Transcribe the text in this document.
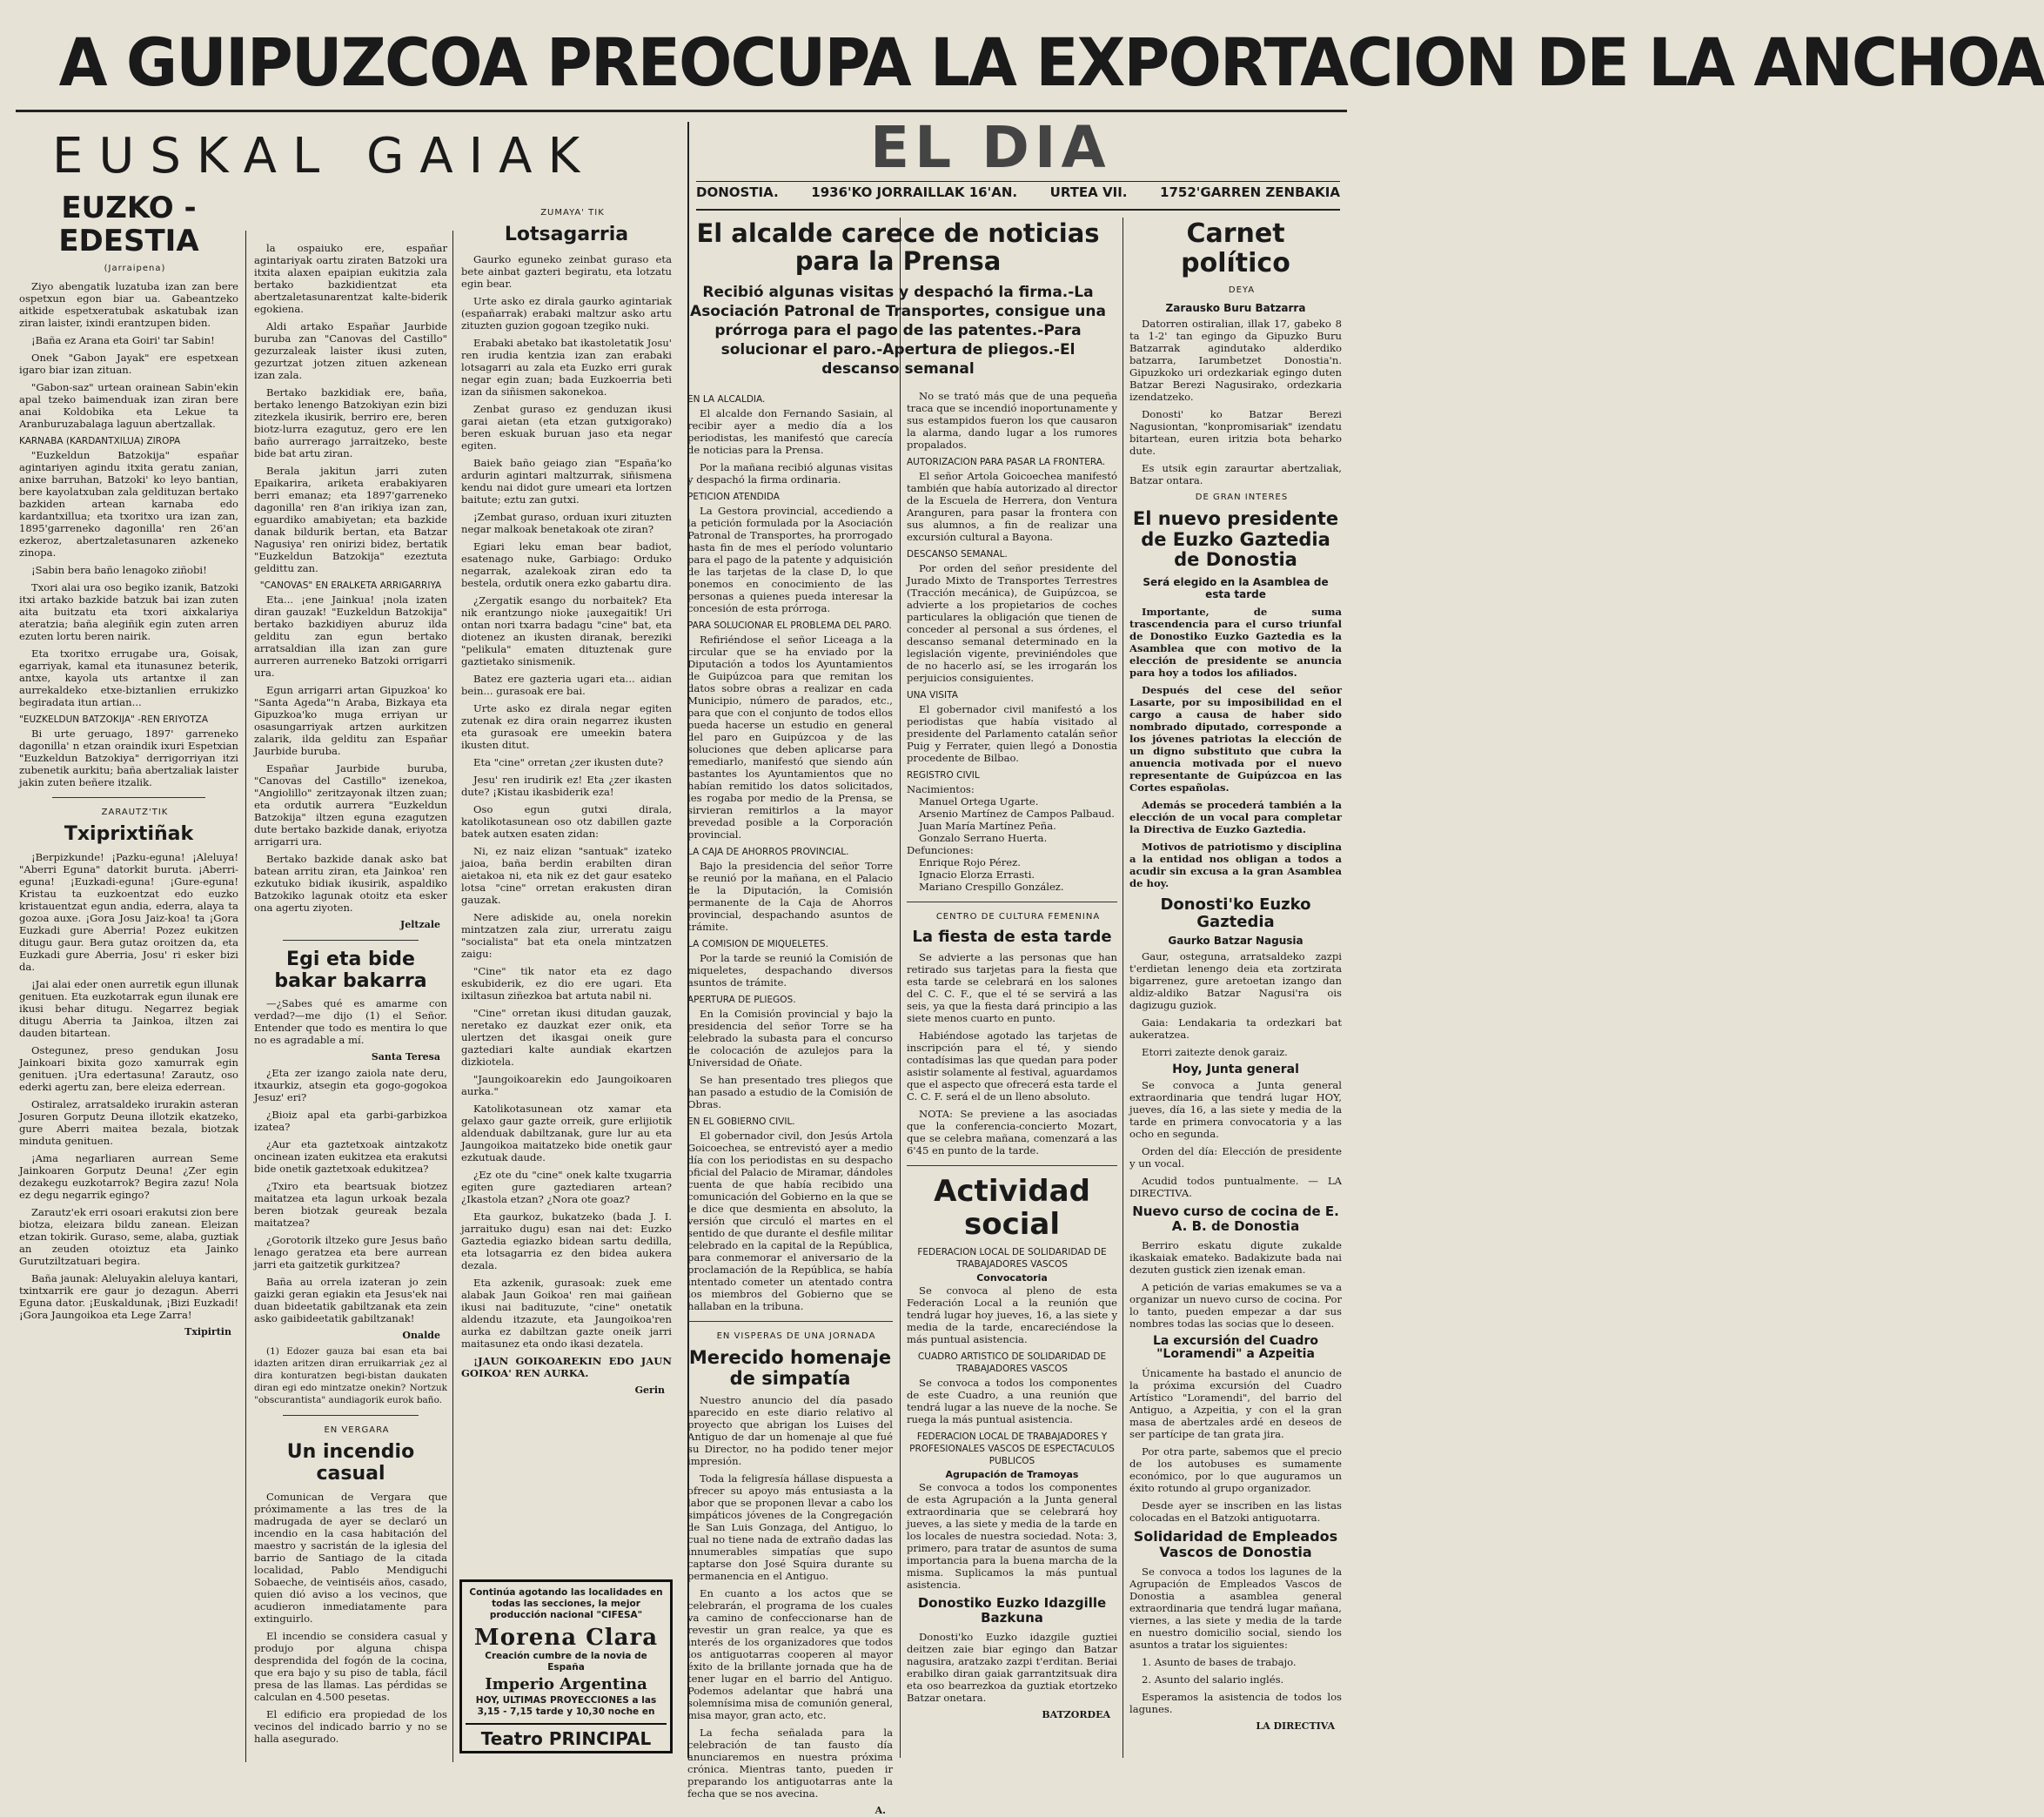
A GUIPUZCOA PREOCUPA LA EXPORTACION DE LA ANCHOA
EUSKAL GAIAK	EL DIA
DONOSTIA.	1936'KO JORRAILLAK 16'AN.	URTEA VII.	1752'GARREN ZENBAKIA
EUZKO - EDESTIA

(Jarraipena)

Ziyo abengatik luzatuba izan zan bere ospetxun egon biar ua. Gabeantzeko aitkide espetxeratubak askatubak izan ziran laister, ixindi erantzupen biden.

¡Baña ez Arana eta Goiri' tar Sabin!

Onek "Gabon Jayak" ere espetxean igaro biar izan zituan.

"Gabon-saz" urtean orainean Sabin'ekin apal tzeko baimenduak izan ziran bere anai Koldobika eta Lekue ta Aranburuzabalaga laguun abertzallak.

KARNABA (KARDANTXILUA) ZIROPA

"Euzkeldun Batzokija" españar agintariyen agindu itxita geratu zanian, anixe barruhan, Batzoki' ko leyo bantian, bere kayolatxuban zala geldituzan bertako bazkiden artean karnaba edo kardantxillua; eta txoritxo ura izan zan, 1895'garreneko dagonilla' ren 26'an ezkeroz, abertzaletasunaren azkeneko zinopa.

¡Sabin bera baño lenagoko ziñobi!

Txori alai ura oso begiko izanik, Batzoki itxi artako bazkide batzuk bai izan zuten aita buitzatu eta txori aixkalariya ateratzia; baña alegiñik egin zuten arren ezuten lortu beren nairik.

Eta txoritxo errugabe ura, Goisak, egarriyak, kamal eta itunasunez beterik, antxe, kayola uts artantxe il zan aurrekaldeko etxe-biztanlien errukizko begiradata itun artian...

"EUZKELDUN BATZOKIJA" -REN ERIYOTZA

Bi urte geruago, 1897' garreneko dagonilla' n etzan oraindik ixuri Espetxian "Euzkeldun Batzokiya" derrigorriyan itzi zubenetik aurkitu; baña abertzaliak laister jakin zuten beñere itzalik.

ZARAUTZ'TIK

Txiprixtiñak

¡Berpizkunde! ¡Pazku-eguna! ¡Aleluya! "Aberri Eguna" datorkit buruta. ¡Aberri-eguna! ¡Euzkadi-eguna! ¡Gure-eguna! Kristau ta euzkoentzat edo euzko kristauentzat egun andia, ederra, alaya ta gozoa auxe. ¡Gora Josu Jaiz-koa! ta ¡Gora Euzkadi gure Aberria! Pozez eukitzen ditugu gaur. Bera gutaz oroitzen da, eta Euzkadi gure Aberria, Josu' ri esker bizi da.

¡Jai alai eder onen aurretik egun illunak genituen. Eta euzkotarrak egun ilunak ere ikusi behar ditugu. Negarrez begiak ditugu Aberria ta Jainkoa, iltzen zai dauden bitartean.

Ostegunez, preso gendukan Josu Jainkoari bixita gozo xamurrak egin genituen. ¡Ura edertasuna! Zarautz, oso ederki agertu zan, bere eleiza ederrean.

Ostiralez, arratsaldeko irurakin asteran Josuren Gorputz Deuna illotzik ekatzeko, gure Aberri maitea bezala, biotzak minduta genituen.

¡Ama negarliaren aurrean Seme Jainkoaren Gorputz Deuna! ¿Zer egin dezakegu euzkotarrok? Begira zazu! Nola ez degu negarrik egingo?

Zarautz'ek erri osoari erakutsi zion bere biotza, eleizara bildu zanean. Eleizan etzan tokirik. Guraso, seme, alaba, guztiak an zeuden otoiztuz eta Jainko Gurutziltzatuari begira.

Baña jaunak: Aleluyakin aleluya kantari, txintxarrik ere gaur jo dezagun. Aberri Eguna dator. ¡Euskaldunak, ¡Bizi Euzkadi! ¡Gora Jaungoikoa eta Lege Zarra!

Txipirtin

la ospaiuko ere, españar agintariyak oartu ziraten Batzoki ura itxita alaxen epaipian eukitzia zala bertako bazkidientzat eta abertzaletasunarentzat kalte-biderik egokiena.

Aldi artako Españar Jaurbide buruba zan "Canovas del Castillo" gezurzaleak laister ikusi zuten, gezurtzat jotzen zituen azkenean izan zala.

Bertako bazkidiak ere, baña, bertako lenengo Batzokiyan ezin bizi zitezkela ikusirik, berriro ere, beren biotz-lurra ezagutuz, gero ere len baño aurrerago jarraitzeko, beste bide bat artu ziran.

Berala jakitun jarri zuten Epaikarira, ariketa erabakiyaren berri emanaz; eta 1897'garreneko dagonilla' ren 8'an irikiya izan zan, eguardiko amabiyetan; eta bazkide danak bildurik bertan, eta Batzar Nagusiya' ren onirizi bidez, bertatik "Euzkeldun Batzokija" ezeztuta geldittu zan.

"CANOVAS" EN ERALKETA ARRIGARRIYA

Eta... ¡ene Jainkua! ¡nola izaten diran gauzak! "Euzkeldun Batzokija" bertako bazkidiyen aburuz ilda gelditu zan egun bertako arratsaldian illa izan zan gure aurreren aurreneko Batzoki orrigarri ura.

Egun arrigarri artan Gipuzkoa' ko "Santa Ageda"'n Araba, Bizkaya eta Gipuzkoa'ko muga erriyan ur osasungarriyak artzen aurkitzen zalarik, ilda gelditu zan Españar Jaurbide buruba.

Españar Jaurbide buruba, "Canovas del Castillo" izenekoa, "Angiolillo" zeritzayonak iltzen zuan; eta ordutik aurrera "Euzkeldun Batzokija" iltzen eguna ezagutzen dute bertako bazkide danak, eriyotza arrigarri ura.

Bertako bazkide danak asko bat batean arritu ziran, eta Jainkoa' ren ezkutuko bidiak ikusirik, aspaldiko Batzokiko lagunak otoitz eta esker ona agertu ziyoten.

Jeltzale
Egi eta bide bakar bakarra

—¿Sabes qué es amarme con verdad?—me dijo (1) el Señor. Entender que todo es mentira lo que no es agradable a mí.

Santa Teresa

¿Eta zer izango zaiola nate deru, itxaurkiz, atsegin eta gogo-gogokoa Jesuz' eri?

¿Bioiz apal eta garbi-garbizkoa izatea?

¿Aur eta gaztetxoak aintzakotz oncinean izaten eukitzea eta erakutsi bide onetik gaztetxoak edukitzea?

¿Txiro eta beartsuak biotzez maitatzea eta lagun urkoak bezala beren biotzak geureak bezala maitatzea?

¿Gorotorik iltzeko gure Jesus baño lenago geratzea eta bere aurrean jarri eta gaitzetik gurkitzea?

Baña au orrela izateran jo zein gaizki geran egiakin eta Jesus'ek nai duan bideetatik gabiltzanak eta zein asko gaibideetatik gabiltzanak!

Onalde

(1) Edozer gauza bai esan eta bai idazten aritzen diran erruikarriak ¿ez al dira konturatzen begi-bistan daukaten diran egi edo mintzatze onekin? Nortzuk "obscurantista" aundiagorik eurok baño.

EN VERGARA

Un incendio casual

Comunican de Vergara que próximamente a las tres de la madrugada de ayer se declaró un incendio en la casa habitación del maestro y sacristán de la iglesia del barrio de Santiago de la citada localidad, Pablo Mendiguchi Sobaeche, de veintiséis años, casado, quien dió aviso a los vecinos, que acudieron inmediatamente para extinguirlo.

El incendio se considera casual y produjo por alguna chispa desprendida del fogón de la cocina, que era bajo y su piso de tabla, fácil presa de las llamas. Las pérdidas se calculan en 4.500 pesetas.

El edificio era propiedad de los vecinos del indicado barrio y no se halla asegurado.

ZUMAYA' TIK

Lotsagarria

Gaurko eguneko zeinbat guraso eta bete ainbat gazteri begiratu, eta lotzatu egin bear.

Urte asko ez dirala gaurko agintariak (españarrak) erabaki maltzur asko artu zituzten guzion gogoan tzegiko nuki.

Erabaki abetako bat ikastoletatik Josu' ren irudia kentzia izan zan erabaki lotsagarri au zala eta Euzko erri gurak negar egin zuan; bada Euzkoerria beti izan da siñismen sakonekoa.

Zenbat guraso ez genduzan ikusi garai aietan (eta etzan gutxigorako) beren eskuak buruan jaso eta negar egiten.

Baiek baño geiago zian "España'ko ardurin agintari maltzurrak, siñismena kendu nai didot gure umeari eta lortzen baitute; eztu zan gutxi.

¡Zembat guraso, orduan ixuri zituzten negar malkoak benetakoak ote ziran?

Egiari leku eman bear badiot, esatenago nuke, Garbiago: Orduko negarrak, azalekoak ziran edo ta bestela, ordutik onera ezko gabartu dira.

¿Zergatik esango du norbaitek? Eta nik erantzungo nioke ¡auxegaitik! Uri ontan nori txarra badagu "cine" bat, eta diotenez an ikusten diranak, bereziki "pelikula" ematen dituztenak gure gaztietako sinismenik.

Batez ere gazteria ugari eta... aidian bein... gurasoak ere bai.

Urte asko ez dirala negar egiten zutenak ez dira orain negarrez ikusten eta gurasoak ere umeekin batera ikusten ditut.

Eta "cine" orretan ¿zer ikusten dute?

Jesu' ren irudirik ez! Eta ¿zer ikasten dute? ¡Kistau ikasbiderik eza!

Oso egun gutxi dirala, katolikotasunean oso otz dabillen gazte batek autxen esaten zidan:

Ni, ez naiz elizan "santuak" izateko jaioa, baña berdin erabilten diran aietakoa ni, eta nik ez det gaur esateko lotsa "cine" orretan erakusten diran gauzak.

Nere adiskide au, onela norekin mintzatzen zala ziur, urreratu zaigu "socialista" bat eta onela mintzatzen zaigu:

"Cine" tik nator eta ez dago eskubiderik, ez dio ere ugari. Eta ixiltasun ziñezkoa bat artuta nabil ni.

"Cine" orretan ikusi ditudan gauzak, neretako ez dauzkat ezer onik, eta ulertzen det ikasgai oneik gure gaztediari kalte aundiak ekartzen dizkiotela.

"Jaungoikoarekin edo Jaungoikoaren aurka."

Katolikotasunean otz xamar eta gelaxo gaur gazte orreik, gure erlijiotik aldenduak dabiltzanak, gure lur au eta Jaungoikoa maitatzeko bide onetik gaur ezkutuak daude.

¿Ez ote du "cine" onek kalte txugarria egiten gure gaztediaren artean? ¿Ikastola etzan? ¿Nora ote goaz?

Eta gaurkoz, bukatzeko (bada J. I. jarraituko dugu) esan nai det: Euzko Gaztedia egiazko bidean sartu dedilla, eta lotsagarria ez den bidea aukera dezala.

Eta azkenik, gurasoak: zuek eme alabak Jaun Goikoa' ren mai gaiñean ikusi nai badituzute, "cine" onetatik aldendu itzazute, eta Jaungoikoa'ren aurka ez dabiltzan gazte oneik jarri maitasunez eta ondo ikasi dezatela.

¡JAUN GOIKOAREKIN EDO JAUN GOIKOA' REN AURKA.

Gerin
Continúa agotando las localidades en todas las secciones, la mejor producción nacional "CIFESA"
Morena Clara
Creación cumbre de la novia de España
Imperio Argentina
HOY, ULTIMAS PROYECCIONES a las 3,15 - 7,15 tarde y 10,30 noche en
Teatro PRINCIPAL
El alcalde carece de noticias para la Prensa
Recibió algunas visitas y despachó la firma.-La Asociación Patronal de Transportes, consigue una prórroga para el pago de las patentes.-Para solucionar el paro.-Apertura de pliegos.-El descanso semanal
EN LA ALCALDIA.

El alcalde don Fernando Sasiain, al recibir ayer a medio día a los periodistas, les manifestó que carecía de noticias para la Prensa.

Por la mañana recibió algunas visitas y despachó la firma ordinaria.

PETICION ATENDIDA

La Gestora provincial, accediendo a la petición formulada por la Asociación Patronal de Transportes, ha prorrogado hasta fin de mes el período voluntario para el pago de la patente y adquisición de las tarjetas de la clase D, lo que ponemos en conocimiento de las personas a quienes pueda interesar la concesión de esta prórroga.

PARA SOLUCIONAR EL PROBLEMA DEL PARO.

Refiriéndose el señor Liceaga a la circular que se ha enviado por la Diputación a todos los Ayuntamientos de Guipúzcoa para que remitan los datos sobre obras a realizar en cada Municipio, número de parados, etc., para que con el conjunto de todos ellos pueda hacerse un estudio en general del paro en Guipúzcoa y de las soluciones que deben aplicarse para remediarlo, manifestó que siendo aún bastantes los Ayuntamientos que no habían remitido los datos solicitados, les rogaba por medio de la Prensa, se sirvieran remitirlos a la mayor brevedad posible a la Corporación provincial.

LA CAJA DE AHORROS PROVINCIAL.

Bajo la presidencia del señor Torre se reunió por la mañana, en el Palacio de la Diputación, la Comisión permanente de la Caja de Ahorros provincial, despachando asuntos de trámite.

LA COMISION DE MIQUELETES.

Por la tarde se reunió la Comisión de miqueletes, despachando diversos asuntos de trámite.

APERTURA DE PLIEGOS.

En la Comisión provincial y bajo la presidencia del señor Torre se ha celebrado la subasta para el concurso de colocación de azulejos para la Universidad de Oñate.

Se han presentado tres pliegos que han pasado a estudio de la Comisión de Obras.

EN EL GOBIERNO CIVIL.

El gobernador civil, don Jesús Artola Goicoechea, se entrevistó ayer a medio día con los periodistas en su despacho oficial del Palacio de Miramar, dándoles cuenta de que había recibido una comunicación del Gobierno en la que se le dice que desmienta en absoluto, la versión que circuló el martes en el sentido de que durante el desfile militar celebrado en la capital de la República, para conmemorar el aniversario de la proclamación de la República, se había intentado cometer un atentado contra los miembros del Gobierno que se hallaban en la tribuna.

EN VISPERAS DE UNA JORNADA

Merecido homenaje de simpatía

Nuestro anuncio del día pasado aparecido en este diario relativo al proyecto que abrigan los Luises del Antiguo de dar un homenaje al que fué su Director, no ha podido tener mejor impresión.

Toda la feligresía hállase dispuesta a ofrecer su apoyo más entusiasta a la labor que se proponen llevar a cabo los simpáticos jóvenes de la Congregación de San Luis Gonzaga, del Antiguo, lo cual no tiene nada de extraño dadas las innumerables simpatías que supo captarse don José Squira durante su permanencia en el Antiguo.

En cuanto a los actos que se celebrarán, el programa de los cuales va camino de confeccionarse han de revestir un gran realce, ya que es interés de los organizadores que todos los antiguotarras cooperen al mayor éxito de la brillante jornada que ha de tener lugar en el barrio del Antiguo. Podemos adelantar que habrá una solemnísima misa de comunión general, misa mayor, gran acto, etc.

La fecha señalada para la celebración de tan fausto día anunciaremos en nuestra próxima crónica. Mientras tanto, pueden ir preparando los antiguotarras ante la fecha que se nos avecina.

A.

No se trató más que de una pequeña traca que se incendió inoportunamente y sus estampidos fueron los que causaron la alarma, dando lugar a los rumores propalados.

AUTORIZACION PARA PASAR LA FRONTERA.

El señor Artola Goicoechea manifestó también que había autorizado al director de la Escuela de Herrera, don Ventura Aranguren, para pasar la frontera con sus alumnos, a fin de realizar una excursión cultural a Bayona.

DESCANSO SEMANAL.

Por orden del señor presidente del Jurado Mixto de Transportes Terrestres (Tracción mecánica), de Guipúzcoa, se advierte a los propietarios de coches particulares la obligación que tienen de conceder al personal a sus órdenes, el descanso semanal determinado en la legislación vigente, previniéndoles que de no hacerlo así, se les irrogarán los perjuicios consiguientes.

UNA VISITA

El gobernador civil manifestó a los periodistas que había visitado al presidente del Parlamento catalán señor Puig y Ferrater, quien llegó a Donostia procedente de Bilbao.

REGISTRO CIVIL
Nacimientos:
Manuel Ortega Ugarte.
Arsenio Martínez de Campos Palbaud.
Juan María Martínez Peña.
Gonzalo Serrano Huerta.
Defunciones:
Enrique Rojo Pérez.
Ignacio Elorza Errasti.
Mariano Crespillo González.

CENTRO DE CULTURA FEMENINA

La fiesta de esta tarde

Se advierte a las personas que han retirado sus tarjetas para la fiesta que esta tarde se celebrará en los salones del C. C. F., que el té se servirá a las seis, ya que la fiesta dará principio a las siete menos cuarto en punto.

Habiéndose agotado las tarjetas de inscripción para el té, y siendo contadísimas las que quedan para poder asistir solamente al festival, aguardamos que el aspecto que ofrecerá esta tarde el C. C. F. será el de un lleno absoluto.

NOTA: Se previene a las asociadas que la conferencia-concierto Mozart, que se celebra mañana, comenzará a las 6'45 en punto de la tarde.

Actividad social
FEDERACION LOCAL DE SOLIDARIDAD DE TRABAJADORES VASCOS
Convocatoria

Se convoca al pleno de esta Federación Local a la reunión que tendrá lugar hoy jueves, 16, a las siete y media de la tarde, encareciéndose la más puntual asistencia.

CUADRO ARTISTICO DE SOLIDARIDAD DE TRABAJADORES VASCOS

Se convoca a todos los componentes de este Cuadro, a una reunión que tendrá lugar a las nueve de la noche. Se ruega la más puntual asistencia.

FEDERACION LOCAL DE TRABAJADORES Y PROFESIONALES VASCOS DE ESPECTACULOS PUBLICOS
Agrupación de Tramoyas

Se convoca a todos los componentes de esta Agrupación a la Junta general extraordinaria que se celebrará hoy jueves, a las siete y media de la tarde en los locales de nuestra sociedad. Nota: 3, primero, para tratar de asuntos de suma importancia para la buena marcha de la misma. Suplicamos la más puntual asistencia.

Donostiko Euzko Idazgille Bazkuna

Donosti'ko Euzko idazgile guztiei deitzen zaie biar egingo dan Batzar nagusira, aratzako zazpi t'erditan. Beriai erabilko diran gaiak garrantzitsuak dira eta oso bearrezkoa da guztiak etortzeko Batzar onetara.

BATZORDEA
Carnet político

DEYA

Zarausko Buru Batzarra

Datorren ostiralian, illak 17, gabeko 8 ta 1-2' tan egingo da Gipuzko Buru Batzarrak agindutako alderdiko batzarra, Iarumbetzet Donostia'n. Gipuzkoko uri ordezkariak egingo duten Batzar Berezi Nagusirako, ordezkaria izendatzeko.

Donosti' ko Batzar Berezi Nagusiontan, "konpromisariak" izendatu bitartean, euren iritzia bota beharko dute.

Es utsik egin zaraurtar abertzaliak, Batzar ontara.

DE GRAN INTERES

El nuevo presidente de Euzko Gaztedia de Donostia
Será elegido en la Asamblea de esta tarde

Importante, de suma trascendencia para el curso triunfal de Donostiko Euzko Gaztedia es la Asamblea que con motivo de la elección de presidente se anuncia para hoy a todos los afiliados.

Después del cese del señor Lasarte, por su imposibilidad en el cargo a causa de haber sido nombrado diputado, corresponde a los jóvenes patriotas la elección de un digno substituto que cubra la anuencia motivada por el nuevo representante de Guipúzcoa en las Cortes españolas.

Además se procederá también a la elección de un vocal para completar la Directiva de Euzko Gaztedia.

Motivos de patriotismo y disciplina a la entidad nos obligan a todos a acudir sin excusa a la gran Asamblea de hoy.

Donosti'ko Euzko Gaztedia
Gaurko Batzar Nagusia

Gaur, osteguna, arratsaldeko zazpi t'erdietan lenengo deia eta zortzirata bigarrenez, gure aretoetan izango dan aldiz-aldiko Batzar Nagusi'ra ois dagizugu guziok.

Gaia: Lendakaria ta ordezkari bat aukeratzea.

Etorri zaitezte denok garaiz.

Hoy, Junta general

Se convoca a Junta general extraordinaria que tendrá lugar HOY, jueves, día 16, a las siete y media de la tarde en primera convocatoria y a las ocho en segunda.

Orden del día: Elección de presidente y un vocal.

Acudid todos puntualmente. — LA DIRECTIVA.

Nuevo curso de cocina de E. A. B. de Donostia

Berriro eskatu digute zukalde ikaskaiak emateko. Badakizute bada nai dezuten gustick zien izenak eman.

A petición de varias emakumes se va a organizar un nuevo curso de cocina. Por lo tanto, pueden empezar a dar sus nombres todas las socias que lo deseen.

La excursión del Cuadro "Loramendi" a Azpeitia

Únicamente ha bastado el anuncio de la próxima excursión del Cuadro Artístico "Loramendi", del barrio del Antiguo, a Azpeitia, y con el la gran masa de abertzales ardé en deseos de ser partícipe de tan grata jira.

Por otra parte, sabemos que el precio de los autobuses es sumamente económico, por lo que auguramos un éxito rotundo al grupo organizador.

Desde ayer se inscriben en las listas colocadas en el Batzoki antiguotarra.

Solidaridad de Empleados Vascos de Donostia

Se convoca a todos los lagunes de la Agrupación de Empleados Vascos de Donostia a asamblea general extraordinaria que tendrá lugar mañana, viernes, a las siete y media de la tarde en nuestro domicilio social, siendo los asuntos a tratar los siguientes:

1. Asunto de bases de trabajo.

2. Asunto del salario inglés.

Esperamos la asistencia de todos los lagunes.

LA DIRECTIVA
